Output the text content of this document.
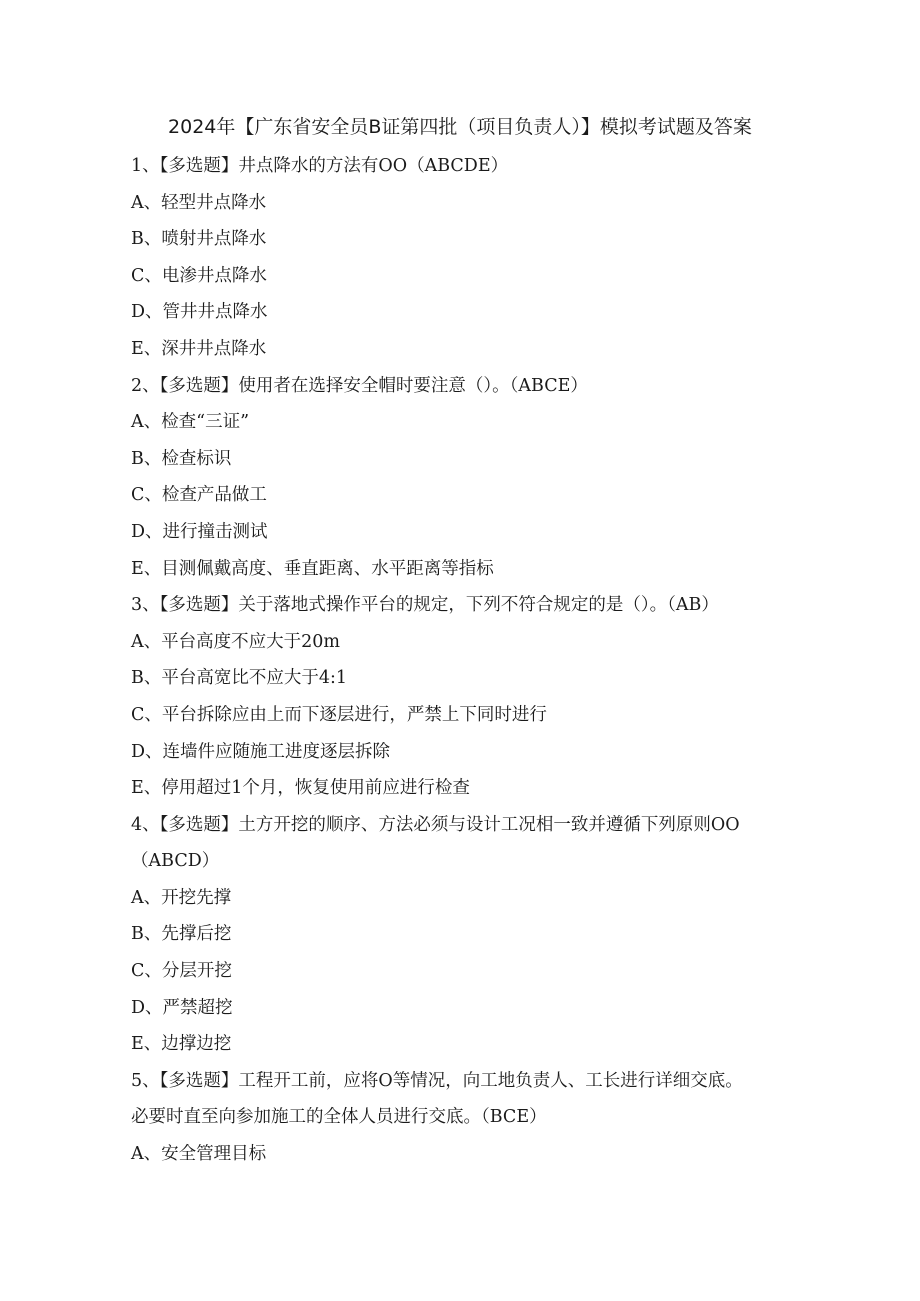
2024年【广东省安全员B证第四批（项目负责人）】模拟考试题及答案
1、【多选题】井点降水的方法有OO（ABCDE）
A、轻型井点降水
B、喷射井点降水
C、电渗井点降水
D、管井井点降水
E、深井井点降水
2、【多选题】使用者在选择安全帽时要注意（）。（ABCE）
A、检查“三证”
B、检查标识
C、检查产品做工
D、进行撞击测试
E、目测佩戴高度、垂直距离、水平距离等指标
3、【多选题】关于落地式操作平台的规定，下列不符合规定的是（）。（AB）
A、平台高度不应大于20m
B、平台高宽比不应大于4:1
C、平台拆除应由上而下逐层进行，严禁上下同时进行
D、连墙件应随施工进度逐层拆除
E、停用超过1个月，恢复使用前应进行检查
4、【多选题】土方开挖的顺序、方法必须与设计工况相一致并遵循下列原则OO
（ABCD）
A、开挖先撑
B、先撑后挖
C、分层开挖
D、严禁超挖
E、边撑边挖
5、【多选题】工程开工前，应将O等情况，向工地负责人、工长进行详细交底。
必要时直至向参加施工的全体人员进行交底。（BCE）
A、安全管理目标
